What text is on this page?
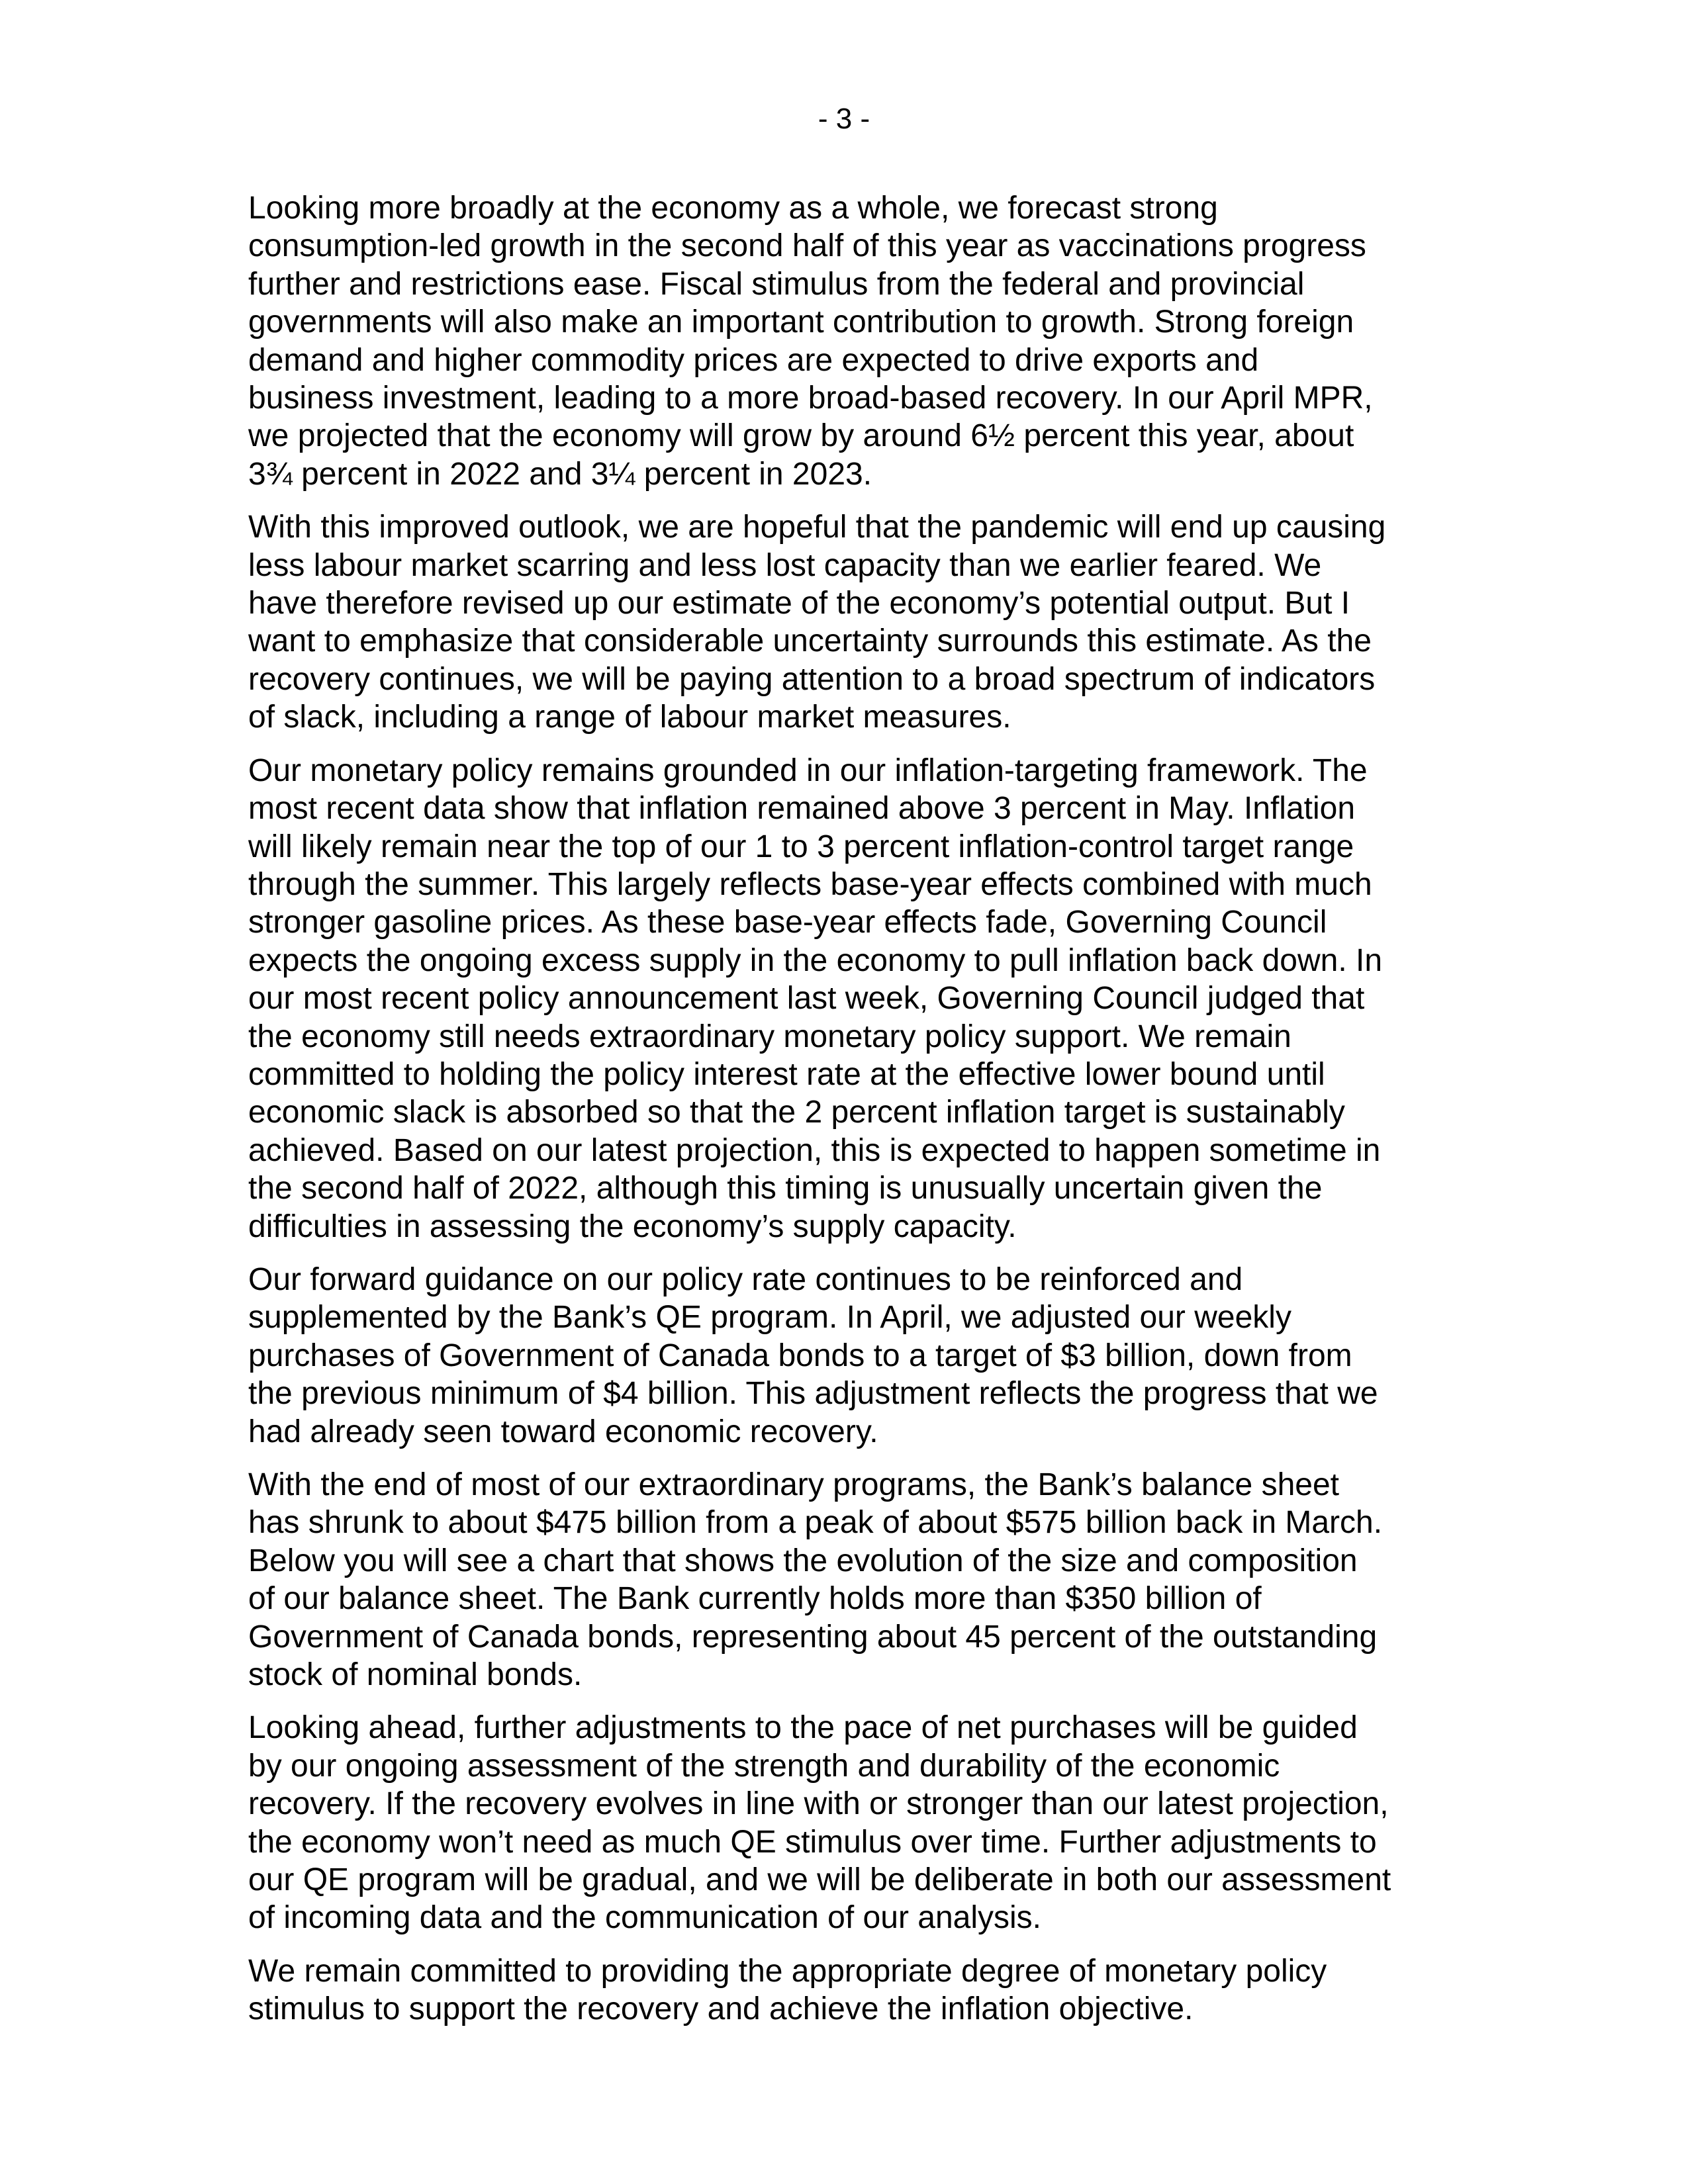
- 3 -

Looking more broadly at the economy as a whole, we forecast strong
consumption-led growth in the second half of this year as vaccinations progress
further and restrictions ease. Fiscal stimulus from the federal and provincial
governments will also make an important contribution to growth. Strong foreign
demand and higher commodity prices are expected to drive exports and
business investment, leading to a more broad-based recovery. In our April MPR,
we projected that the economy will grow by around 6½ percent this year, about
3¾ percent in 2022 and 3¼ percent in 2023.

With this improved outlook, we are hopeful that the pandemic will end up causing
less labour market scarring and less lost capacity than we earlier feared. We
have therefore revised up our estimate of the economy’s potential output. But I
want to emphasize that considerable uncertainty surrounds this estimate. As the
recovery continues, we will be paying attention to a broad spectrum of indicators
of slack, including a range of labour market measures.

Our monetary policy remains grounded in our inflation-targeting framework. The
most recent data show that inflation remained above 3 percent in May. Inflation
will likely remain near the top of our 1 to 3 percent inflation-control target range
through the summer. This largely reflects base-year effects combined with much
stronger gasoline prices. As these base-year effects fade, Governing Council
expects the ongoing excess supply in the economy to pull inflation back down. In
our most recent policy announcement last week, Governing Council judged that
the economy still needs extraordinary monetary policy support. We remain
committed to holding the policy interest rate at the effective lower bound until
economic slack is absorbed so that the 2 percent inflation target is sustainably
achieved. Based on our latest projection, this is expected to happen sometime in
the second half of 2022, although this timing is unusually uncertain given the
difficulties in assessing the economy’s supply capacity.

Our forward guidance on our policy rate continues to be reinforced and
supplemented by the Bank’s QE program. In April, we adjusted our weekly
purchases of Government of Canada bonds to a target of $3 billion, down from
the previous minimum of $4 billion. This adjustment reflects the progress that we
had already seen toward economic recovery.

With the end of most of our extraordinary programs, the Bank’s balance sheet
has shrunk to about $475 billion from a peak of about $575 billion back in March.
Below you will see a chart that shows the evolution of the size and composition
of our balance sheet. The Bank currently holds more than $350 billion of
Government of Canada bonds, representing about 45 percent of the outstanding
stock of nominal bonds.

Looking ahead, further adjustments to the pace of net purchases will be guided
by our ongoing assessment of the strength and durability of the economic
recovery. If the recovery evolves in line with or stronger than our latest projection,
the economy won’t need as much QE stimulus over time. Further adjustments to
our QE program will be gradual, and we will be deliberate in both our assessment
of incoming data and the communication of our analysis.

We remain committed to providing the appropriate degree of monetary policy
stimulus to support the recovery and achieve the inflation objective.
